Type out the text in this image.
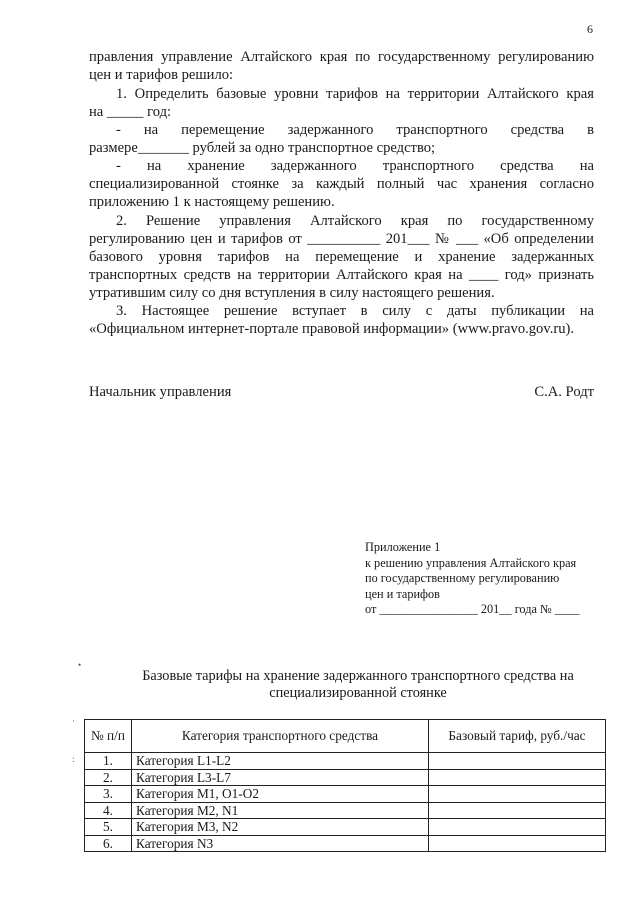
6

правления управление Алтайского края по государственному регулированию

цен и тарифов решило:

1. Определить базовые уровни тарифов на территории Алтайского края

на _____ год:

- на перемещение задержанного транспортного средства в

размере_______ рублей за одно транспортное средство;

- на хранение задержанного транспортного средства на

специализированной стоянке за каждый полный час хранения согласно

приложению 1 к настоящему решению.

2. Решение управления Алтайского края по государственному

регулированию цен и тарифов от __________ 201___ № ___ «Об определении

базового уровня тарифов на перемещение и хранение задержанных

транспортных средств на территории Алтайского края на ____ год» признать

утратившим силу со дня вступления в силу настоящего решения.

3. Настоящее решение вступает в силу с даты публикации на

«Официальном интернет-портале правовой информации» (www.pravo.gov.ru).

Начальник управления	С.А. Родт
Приложение 1
к решению управления Алтайского края
по государственному регулированию
цен и тарифов
от ________________ 201__ года № ____
•
·
:
Базовые тарифы на хранение задержанного транспортного средства на
специализированной стоянке
№ п/п	Категория транспортного средства	Базовый тариф, руб./час
1.	Категория L1-L2	
2.	Категория L3-L7	
3.	Категория M1, O1-O2	
4.	Категория M2, N1	
5.	Категория M3, N2	
6.	Категория N3	
